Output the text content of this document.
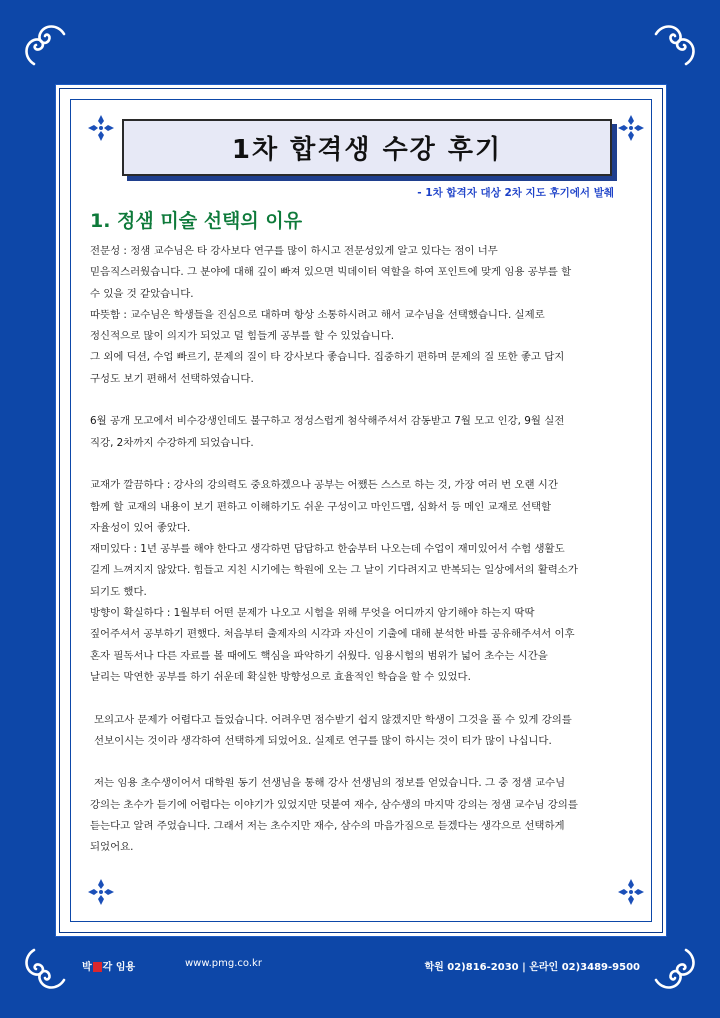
1차 합격생 수강 후기
- 1차 합격자 대상 2차 지도 후기에서 발췌
1. 정샘 미술 선택의 이유

전문성 : 정샘 교수님은 타 강사보다 연구를 많이 하시고 전문성있게 알고 있다는 점이 너무

믿음직스러웠습니다. 그 분야에 대해 깊이 빠져 있으면 빅데이터 역할을 하여 포인트에 맞게 임용 공부를 할

수 있을 것 같았습니다.

따뜻함 : 교수님은 학생들을 진심으로 대하며 항상 소통하시려고 해서 교수님을 선택했습니다. 실제로

정신적으로 많이 의지가 되었고 덜 힘들게 공부를 할 수 있었습니다.

그 외에 딕션, 수업 빠르기, 문제의 질이 타 강사보다 좋습니다. 집중하기 편하며 문제의 질 또한 좋고 답지

구성도 보기 편해서 선택하였습니다.

6월 공개 모고에서 비수강생인데도 불구하고 정성스럽게 첨삭해주셔서 감동받고 7월 모고 인강, 9월 실전

직강, 2차까지 수강하게 되었습니다.

교재가 깔끔하다 : 강사의 강의력도 중요하겠으나 공부는 어쨌든 스스로 하는 것, 가장 여러 번 오랜 시간

함께 할 교재의 내용이 보기 편하고 이해하기도 쉬운 구성이고 마인드맵, 심화서 등 메인 교재로 선택할

자율성이 있어 좋았다.

재미있다 : 1년 공부를 해야 한다고 생각하면 답답하고 한숨부터 나오는데 수업이 재미있어서 수험 생활도

길게 느껴지지 않았다. 힘들고 지친 시기에는 학원에 오는 그 날이 기다려지고 반복되는 일상에서의 활력소가

되기도 했다.

방향이 확실하다 : 1월부터 어떤 문제가 나오고 시험을 위해 무엇을 어디까지 암기해야 하는지 딱딱

짚어주셔서 공부하기 편했다. 처음부터 출제자의 시각과 자신이 기출에 대해 분석한 바를 공유해주셔서 이후

혼자 필독서나 다른 자료를 볼 때에도 핵심을 파악하기 쉬웠다. 임용시험의 범위가 넓어 초수는 시간을

날리는 막연한 공부를 하기 쉬운데 확실한 방향성으로 효율적인 학습을 할 수 있었다.

모의고사 문제가 어렵다고 들었습니다. 어려우면 점수받기 쉽지 않겠지만 학생이 그것을 풀 수 있게 강의를

선보이시는 것이라 생각하여 선택하게 되었어요. 실제로 연구를 많이 하시는 것이 티가 많이 나십니다.

저는 임용 초수생이어서 대학원 동기 선생님을 통해 강사 선생님의 정보를 얻었습니다. 그 중 정샘 교수님

강의는 초수가 듣기에 어렵다는 이야기가 있었지만 덧붙여 재수, 삼수생의 마지막 강의는 정샘 교수님 강의를

듣는다고 알려 주었습니다. 그래서 저는 초수지만 재수, 삼수의 마음가짐으로 듣겠다는 생각으로 선택하게

되었어요.

박 각 임용	www.pmg.co.kr	학원 02)816-2030 | 온라인 02)3489-9500
